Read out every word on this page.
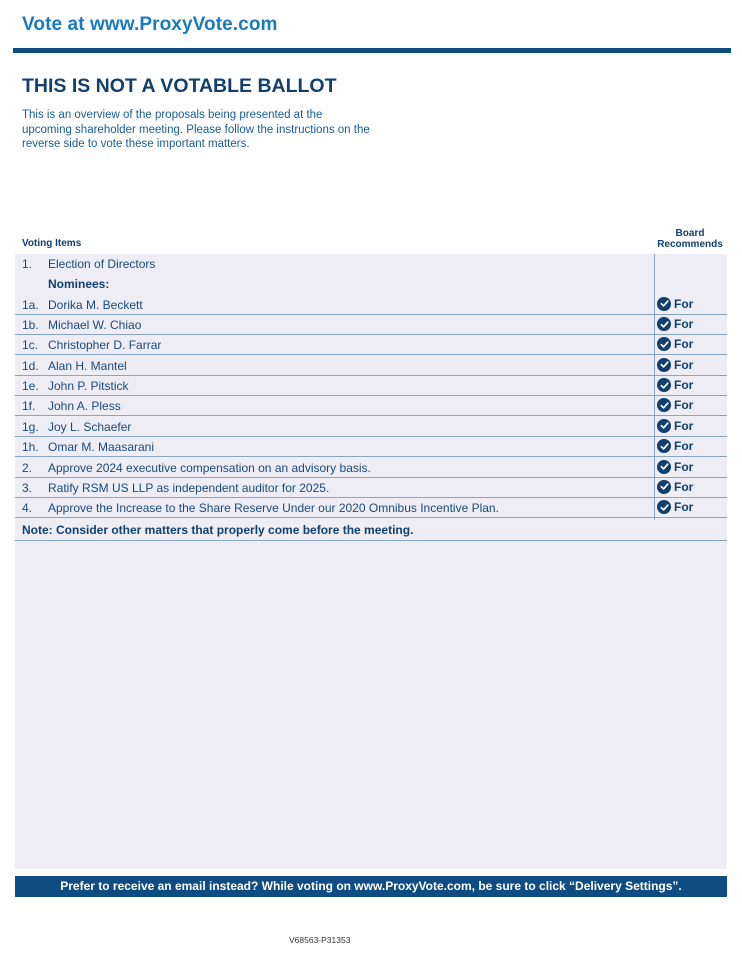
Vote at www.ProxyVote.com
THIS IS NOT A VOTABLE BALLOT
This is an overview of the proposals being presented at the upcoming shareholder meeting. Please follow the instructions on the reverse side to vote these important matters.
Voting Items
Board
Recommends
1. Election of Directors
Nominees:
1a. Dorika M. Beckett	For
1b. Michael W. Chiao	For
1c. Christopher D. Farrar	For
1d. Alan H. Mantel	For
1e. John P. Pitstick	For
1f. John A. Pless	For
1g. Joy L. Schaefer	For
1h. Omar M. Maasarani	For
2. Approve 2024 executive compensation on an advisory basis.	For
3. Ratify RSM US LLP as independent auditor for 2025.	For
4. Approve the Increase to the Share Reserve Under our 2020 Omnibus Incentive Plan.	For
Note: Consider other matters that properly come before the meeting.
Prefer to receive an email instead? While voting on www.ProxyVote.com, be sure to click “Delivery Settings”.
V68563-P31353
